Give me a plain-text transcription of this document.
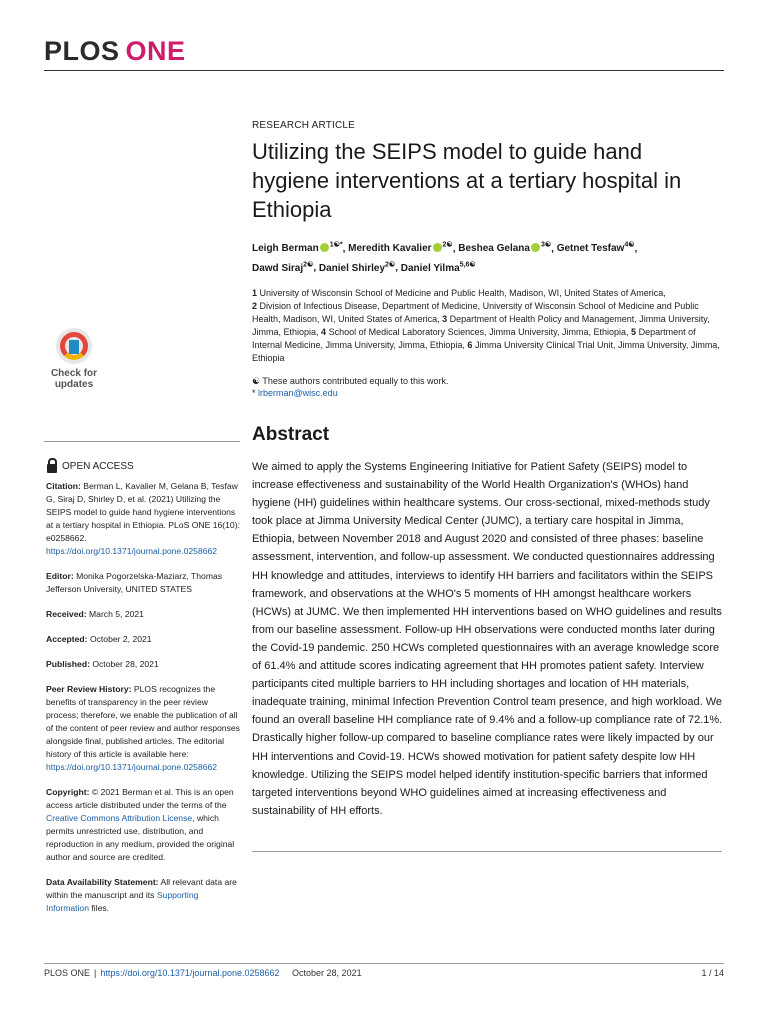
PLOS ONE
Check for
updates
RESEARCH ARTICLE
Utilizing the SEIPS model to guide hand hygiene interventions at a tertiary hospital in Ethiopia
Leigh Berman $^{1☯*}$, Meredith Kavalier $^{2☯}$, Beshea Gelana $^{3☯}$, Getnet Tesfaw$^{4☯}$,
Dawd Siraj$^{2☯}$, Daniel Shirley$^{2☯}$, Daniel Yilma$^{5,6☯}$
1 University of Wisconsin School of Medicine and Public Health, Madison, WI, United States of America,
2 Division of Infectious Disease, Department of Medicine, University of Wisconsin School of Medicine and Public Health, Madison, WI, United States of America, 3 Department of Health Policy and Management, Jimma University, Jimma, Ethiopia, 4 School of Medical Laboratory Sciences, Jimma University, Jimma, Ethiopia, 5 Department of Internal Medicine, Jimma University, Jimma, Ethiopia, 6 Jimma University Clinical Trial Unit, Jimma University, Jimma, Ethiopia
☯ These authors contributed equally to this work.
* lrberman@wisc.edu
OPEN ACCESS
Citation: Berman L, Kavalier M, Gelana B, Tesfaw G, Siraj D, Shirley D, et al. (2021) Utilizing the SEIPS model to guide hand hygiene interventions at a tertiary hospital in Ethiopia. PLoS ONE 16(10): e0258662. https://doi.org/10.1371/journal.pone.0258662
Editor: Monika Pogorzelska-Maziarz, Thomas Jefferson University, UNITED STATES
Received: March 5, 2021
Accepted: October 2, 2021
Published: October 28, 2021
Peer Review History: PLOS recognizes the benefits of transparency in the peer review process; therefore, we enable the publication of all of the content of peer review and author responses alongside final, published articles. The editorial history of this article is available here: https://doi.org/10.1371/journal.pone.0258662
Copyright: © 2021 Berman et al. This is an open access article distributed under the terms of the Creative Commons Attribution License, which permits unrestricted use, distribution, and reproduction in any medium, provided the original author and source are credited.
Data Availability Statement: All relevant data are within the manuscript and its Supporting Information files.
Abstract

We aimed to apply the Systems Engineering Initiative for Patient Safety (SEIPS) model to increase effectiveness and sustainability of the World Health Organization's (WHOs) hand hygiene (HH) guidelines within healthcare systems. Our cross-sectional, mixed-methods study took place at Jimma University Medical Center (JUMC), a tertiary care hospital in Jimma, Ethiopia, between November 2018 and August 2020 and consisted of three phases: baseline assessment, intervention, and follow-up assessment. We conducted questionnaires addressing HH knowledge and attitudes, interviews to identify HH barriers and facilitators within the SEIPS framework, and observations at the WHO's 5 moments of HH amongst healthcare workers (HCWs) at JUMC. We then implemented HH interventions based on WHO guidelines and results from our baseline assessment. Follow-up HH observations were conducted months later during the Covid-19 pandemic. 250 HCWs completed questionnaires with an average knowledge score of 61.4% and attitude scores indicating agreement that HH promotes patient safety. Interview participants cited multiple barriers to HH including shortages and location of HH materials, inadequate training, minimal Infection Prevention Control team presence, and high workload. We found an overall baseline HH compliance rate of 9.4% and a follow-up compliance rate of 72.1%. Drastically higher follow-up compared to baseline compliance rates were likely impacted by our HH interventions and Covid-19. HCWs showed motivation for patient safety despite low HH knowledge. Utilizing the SEIPS model helped identify institution-specific barriers that informed targeted interventions beyond WHO guidelines aimed at increasing effectiveness and sustainability of HH efforts.

PLOS ONE | https://doi.org/10.1371/journal.pone.0258662 October 28, 2021	1 / 14
